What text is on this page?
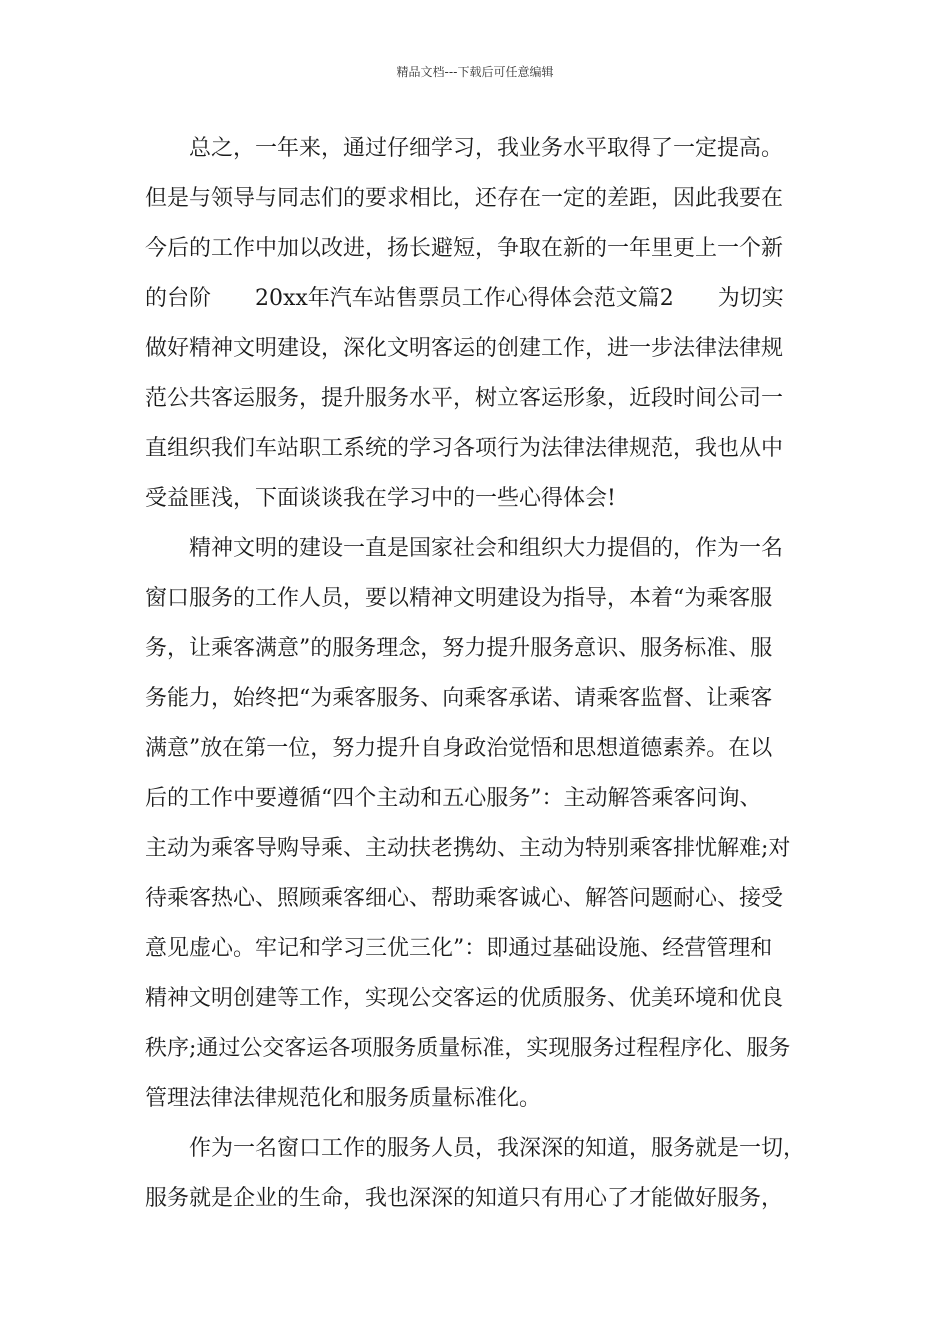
精品文档---下载后可任意编辑
总之，一年来，通过仔细学习，我业务水平取得了一定提高。
但是与领导与同志们的要求相比，还存在一定的差距，因此我要在
今后的工作中加以改进，扬长避短，争取在新的一年里更上一个新
的台阶　　20xx年汽车站售票员工作心得体会范文篇2　　为切实
做好精神文明建设，深化文明客运的创建工作，进一步法律法律规
范公共客运服务，提升服务水平，树立客运形象，近段时间公司一
直组织我们车站职工系统的学习各项行为法律法律规范，我也从中
受益匪浅，下面谈谈我在学习中的一些心得体会!
精神文明的建设一直是国家社会和组织大力提倡的，作为一名
窗口服务的工作人员，要以精神文明建设为指导，本着“为乘客服
务，让乘客满意”的服务理念，努力提升服务意识、服务标准、服
务能力，始终把“为乘客服务、向乘客承诺、请乘客监督、让乘客
满意”放在第一位，努力提升自身政治觉悟和思想道德素养。在以
后的工作中要遵循“四个主动和五心服务”：主动解答乘客问询、
主动为乘客导购导乘、主动扶老携幼、主动为特别乘客排忧解难;对
待乘客热心、照顾乘客细心、帮助乘客诚心、解答问题耐心、接受
意见虚心。牢记和学习三优三化”：即通过基础设施、经营管理和
精神文明创建等工作，实现公交客运的优质服务、优美环境和优良
秩序;通过公交客运各项服务质量标准，实现服务过程程序化、服务
管理法律法律规范化和服务质量标准化。
作为一名窗口工作的服务人员，我深深的知道，服务就是一切，
服务就是企业的生命，我也深深的知道只有用心了才能做好服务，
